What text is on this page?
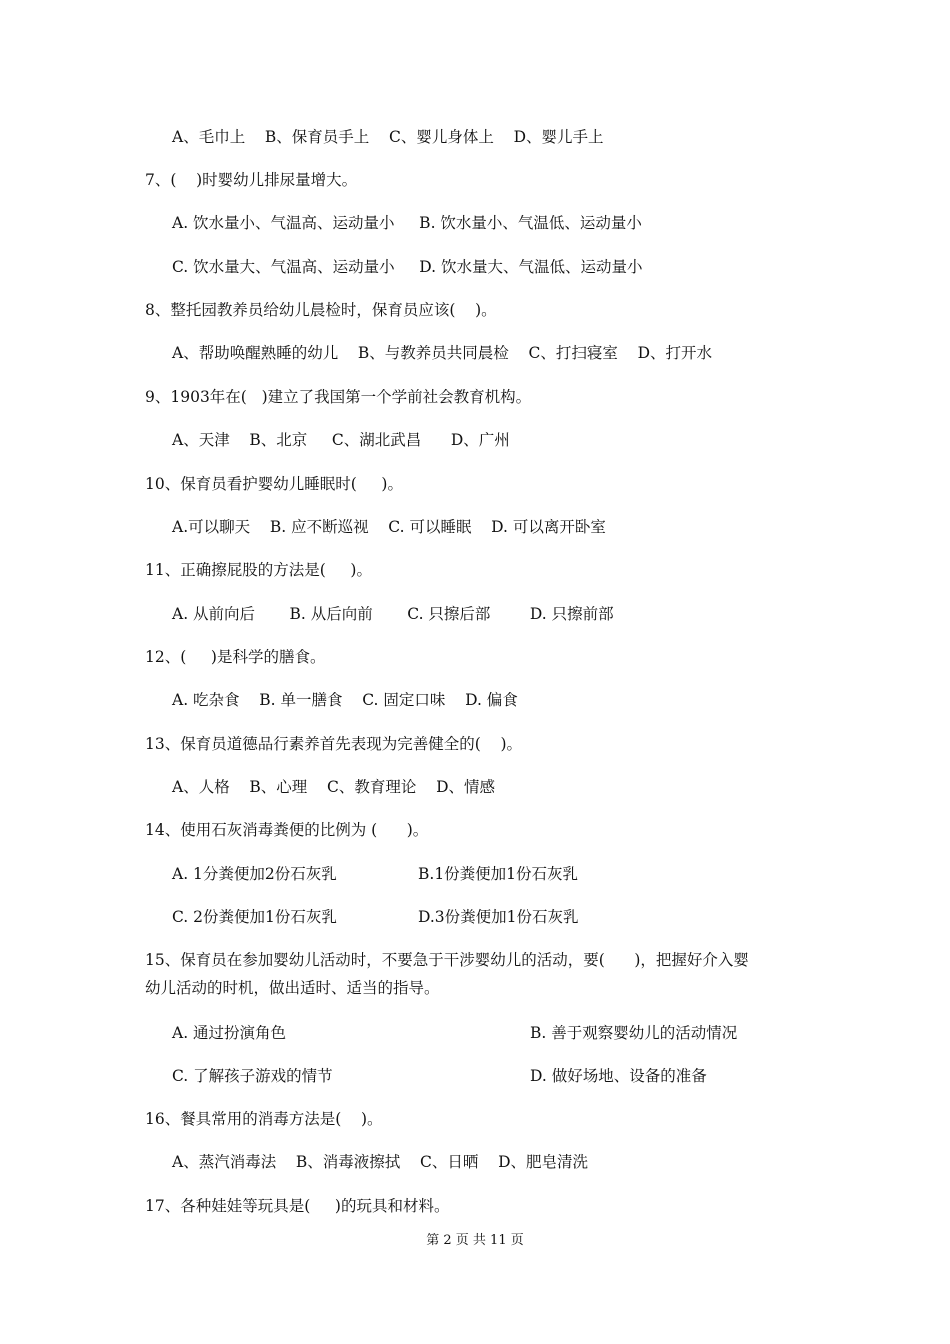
A、毛巾上    B、保育员手上    C、婴儿身体上    D、婴儿手上
7、(    )时婴幼儿排尿量增大。
A. 饮水量小、气温高、运动量小     B. 饮水量小、气温低、运动量小
C. 饮水量大、气温高、运动量小     D. 饮水量大、气温低、运动量小
8、整托园教养员给幼儿晨检时，保育员应该(    )。
A、帮助唤醒熟睡的幼儿    B、与教养员共同晨检    C、打扫寝室    D、打开水
9、1903年在(   )建立了我国第一个学前社会教育机构。
A、天津    B、北京     C、湖北武昌      D、广州
10、保育员看护婴幼儿睡眠时(     )。
A.可以聊天    B. 应不断巡视    C. 可以睡眠    D. 可以离开卧室
11、正确擦屁股的方法是(     )。
A. 从前向后       B. 从后向前       C. 只擦后部        D. 只擦前部
12、(     )是科学的膳食。
A. 吃杂食    B. 单一膳食    C. 固定口味    D. 偏食
13、保育员道德品行素养首先表现为完善健全的(    )。
A、人格    B、心理    C、教育理论    D、情感
14、使用石灰消毒粪便的比例为 (      )。
A. 1分粪便加2份石灰乳	B.1份粪便加1份石灰乳
C. 2份粪便加1份石灰乳	D.3份粪便加1份石灰乳
15、保育员在参加婴幼儿活动时，不要急于干涉婴幼儿的活动，要(      )，把握好介入婴
幼儿活动的时机，做出适时、适当的指导。
A. 通过扮演角色	B. 善于观察婴幼儿的活动情况
C. 了解孩子游戏的情节	D. 做好场地、设备的准备
16、餐具常用的消毒方法是(    )。
A、蒸汽消毒法    B、消毒液擦拭    C、日晒    D、肥皂清洗
17、各种娃娃等玩具是(     )的玩具和材料。
第 2 页 共 11 页
